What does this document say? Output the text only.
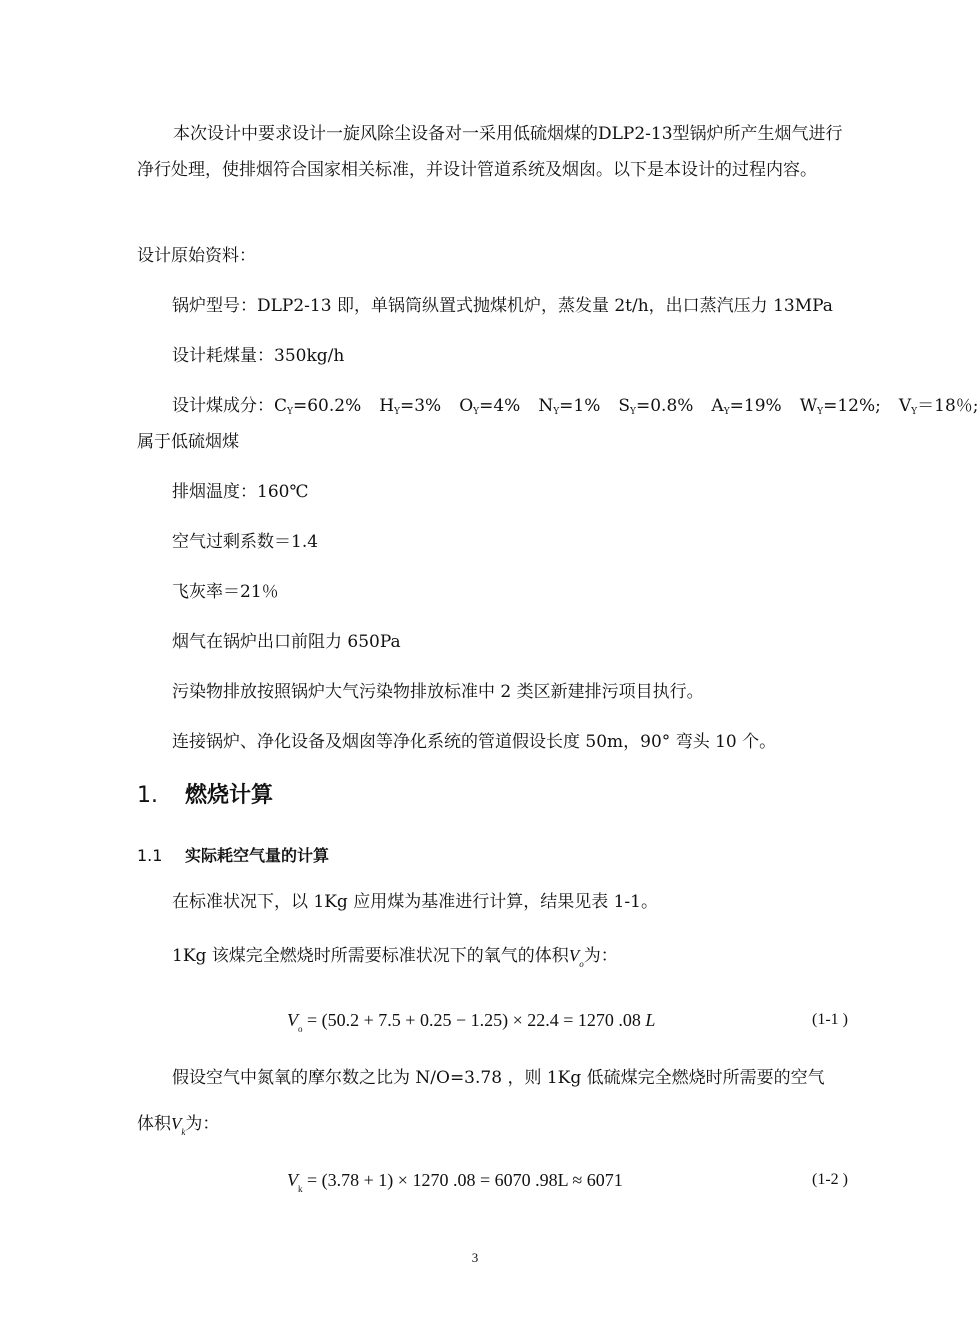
本次设计中要求设计一旋风除尘设备对一采用低硫烟煤的DLP2-13型锅炉所产生烟气进行净行处理，使排烟符合国家相关标准，并设计管道系统及烟囱。以下是本设计的过程内容。

设计原始资料：

锅炉型号：DLP2-13 即，单锅筒纵置式抛煤机炉，蒸发量 2t/h，出口蒸汽压力 13MPa

设计耗煤量：350kg/h

设计煤成分：$C_Y=60.2\%$ $H_Y=3\%$ $O_Y=4\%$ $N_Y=1\%$ $S_Y=0.8\%$ $A_Y=19\%$ $W_Y=12\%$; $V_Y=18$％;

属于低硫烟煤

排烟温度：160℃

空气过剩系数＝1.4

飞灰率＝21％

烟气在锅炉出口前阻力 650Pa

污染物排放按照锅炉大气污染物排放标准中 2 类区新建排污项目执行。

连接锅炉、净化设备及烟囱等净化系统的管道假设长度 50m，90° 弯头 10 个。

1. 燃烧计算
1.1 实际耗空气量的计算

在标准状况下，以 1Kg 应用煤为基准进行计算，结果见表 1-1。

1Kg 该煤完全燃烧时所需要标准状况下的氧气的体积$V_o$为：

$V_o = (50.2 + 7.5 + 0.25 - 1.25) \times 22.4 = 1270$ .08 L	(1-1 )

假设空气中氮氧的摩尔数之比为 N/O=3.78 ，则 1Kg 低硫煤完全燃烧时所需要的空气

体积$V_k$为：

$V_k = (3.78 + 1) \times 1270$ .08 = 6070 .98L ≈ 6071	(1-2 )
3
